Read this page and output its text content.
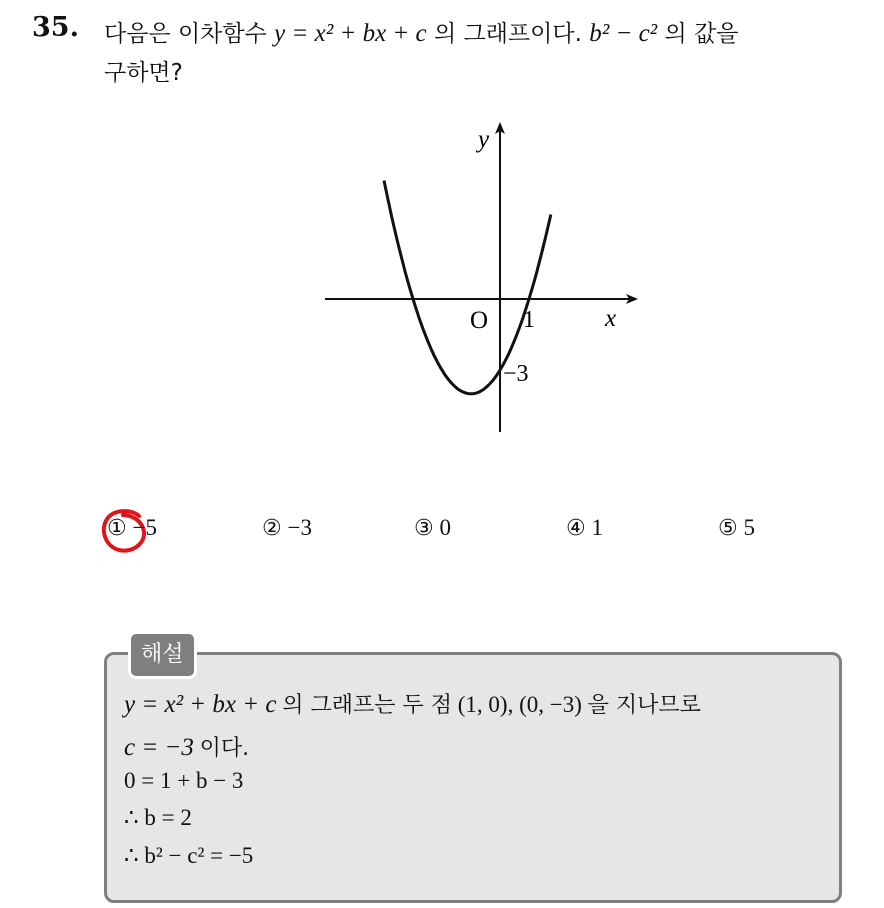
35. 다음은 이차함수 y = x² + bx + c 의 그래프이다. b² − c² 의 값을
구하면?
x
y
O 1
−3
① −5	② −3	③ 0	④ 1	⑤ 5
해설
y = x² + bx + c 의 그래프는 두 점 (1, 0), (0, −3) 을 지나므로
c = −3 이다.
0 = 1 + b − 3
∴ b = 2
∴ b² − c² = −5
